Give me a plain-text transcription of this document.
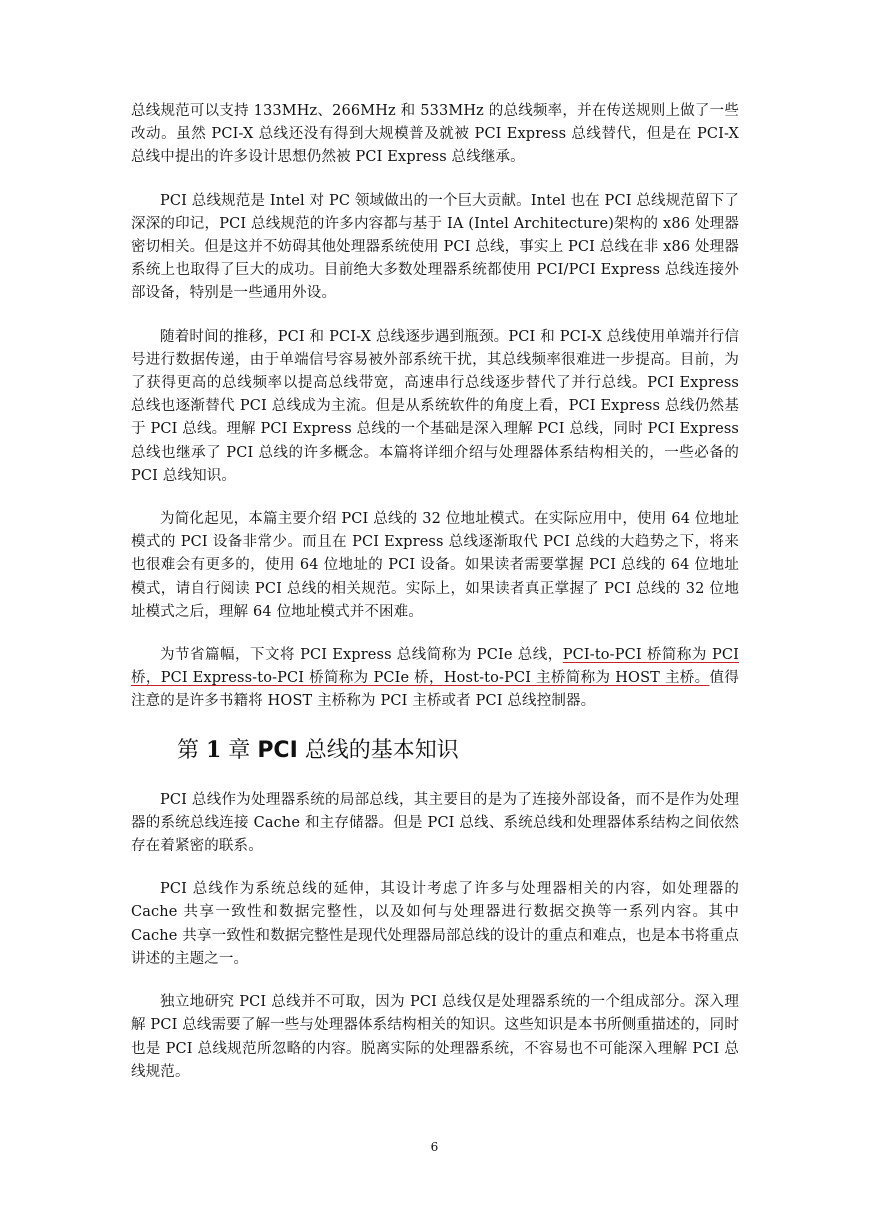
总线规范可以支持 133MHz、266MHz 和 533MHz 的总线频率，并在传送规则上做了一些改动。虽然 PCI-X 总线还没有得到大规模普及就被 PCI Express 总线替代，但是在 PCI-X 总线中提出的许多设计思想仍然被 PCI Express 总线继承。

PCI 总线规范是 Intel 对 PC 领域做出的一个巨大贡献。Intel 也在 PCI 总线规范留下了深深的印记，PCI 总线规范的许多内容都与基于 IA (Intel Architecture)架构的 x86 处理器密切相关。但是这并不妨碍其他处理器系统使用 PCI 总线，事实上 PCI 总线在非 x86 处理器系统上也取得了巨大的成功。目前绝大多数处理器系统都使用 PCI/PCI Express 总线连接外部设备，特别是一些通用外设。

随着时间的推移，PCI 和 PCI-X 总线逐步遇到瓶颈。PCI 和 PCI-X 总线使用单端并行信号进行数据传递，由于单端信号容易被外部系统干扰，其总线频率很难进一步提高。目前，为了获得更高的总线频率以提高总线带宽，高速串行总线逐步替代了并行总线。PCI Express 总线也逐渐替代 PCI 总线成为主流。但是从系统软件的角度上看，PCI Express 总线仍然基于 PCI 总线。理解 PCI Express 总线的一个基础是深入理解 PCI 总线，同时 PCI Express 总线也继承了 PCI 总线的许多概念。本篇将详细介绍与处理器体系结构相关的，一些必备的 PCI 总线知识。

为简化起见，本篇主要介绍 PCI 总线的 32 位地址模式。在实际应用中，使用 64 位地址模式的 PCI 设备非常少。而且在 PCI Express 总线逐渐取代 PCI 总线的大趋势之下，将来也很难会有更多的，使用 64 位地址的 PCI 设备。如果读者需要掌握 PCI 总线的 64 位地址模式，请自行阅读 PCI 总线的相关规范。实际上，如果读者真正掌握了 PCI 总线的 32 位地址模式之后，理解 64 位地址模式并不困难。

为节省篇幅，下文将 PCI Express 总线简称为 PCIe 总线，PCI-to-PCI 桥简称为 PCI 桥，PCI Express-to-PCI 桥简称为 PCIe 桥，Host-to-PCI 主桥简称为 HOST 主桥。值得注意的是许多书籍将 HOST 主桥称为 PCI 主桥或者 PCI 总线控制器。

第 1 章 PCI 总线的基本知识

PCI 总线作为处理器系统的局部总线，其主要目的是为了连接外部设备，而不是作为处理器的系统总线连接 Cache 和主存储器。但是 PCI 总线、系统总线和处理器体系结构之间依然存在着紧密的联系。

PCI 总线作为系统总线的延伸，其设计考虑了许多与处理器相关的内容，如处理器的 Cache 共享一致性和数据完整性，以及如何与处理器进行数据交换等一系列内容。其中 Cache 共享一致性和数据完整性是现代处理器局部总线的设计的重点和难点，也是本书将重点讲述的主题之一。

独立地研究 PCI 总线并不可取，因为 PCI 总线仅是处理器系统的一个组成部分。深入理解 PCI 总线需要了解一些与处理器体系结构相关的知识。这些知识是本书所侧重描述的，同时也是 PCI 总线规范所忽略的内容。脱离实际的处理器系统，不容易也不可能深入理解 PCI 总线规范。

6
